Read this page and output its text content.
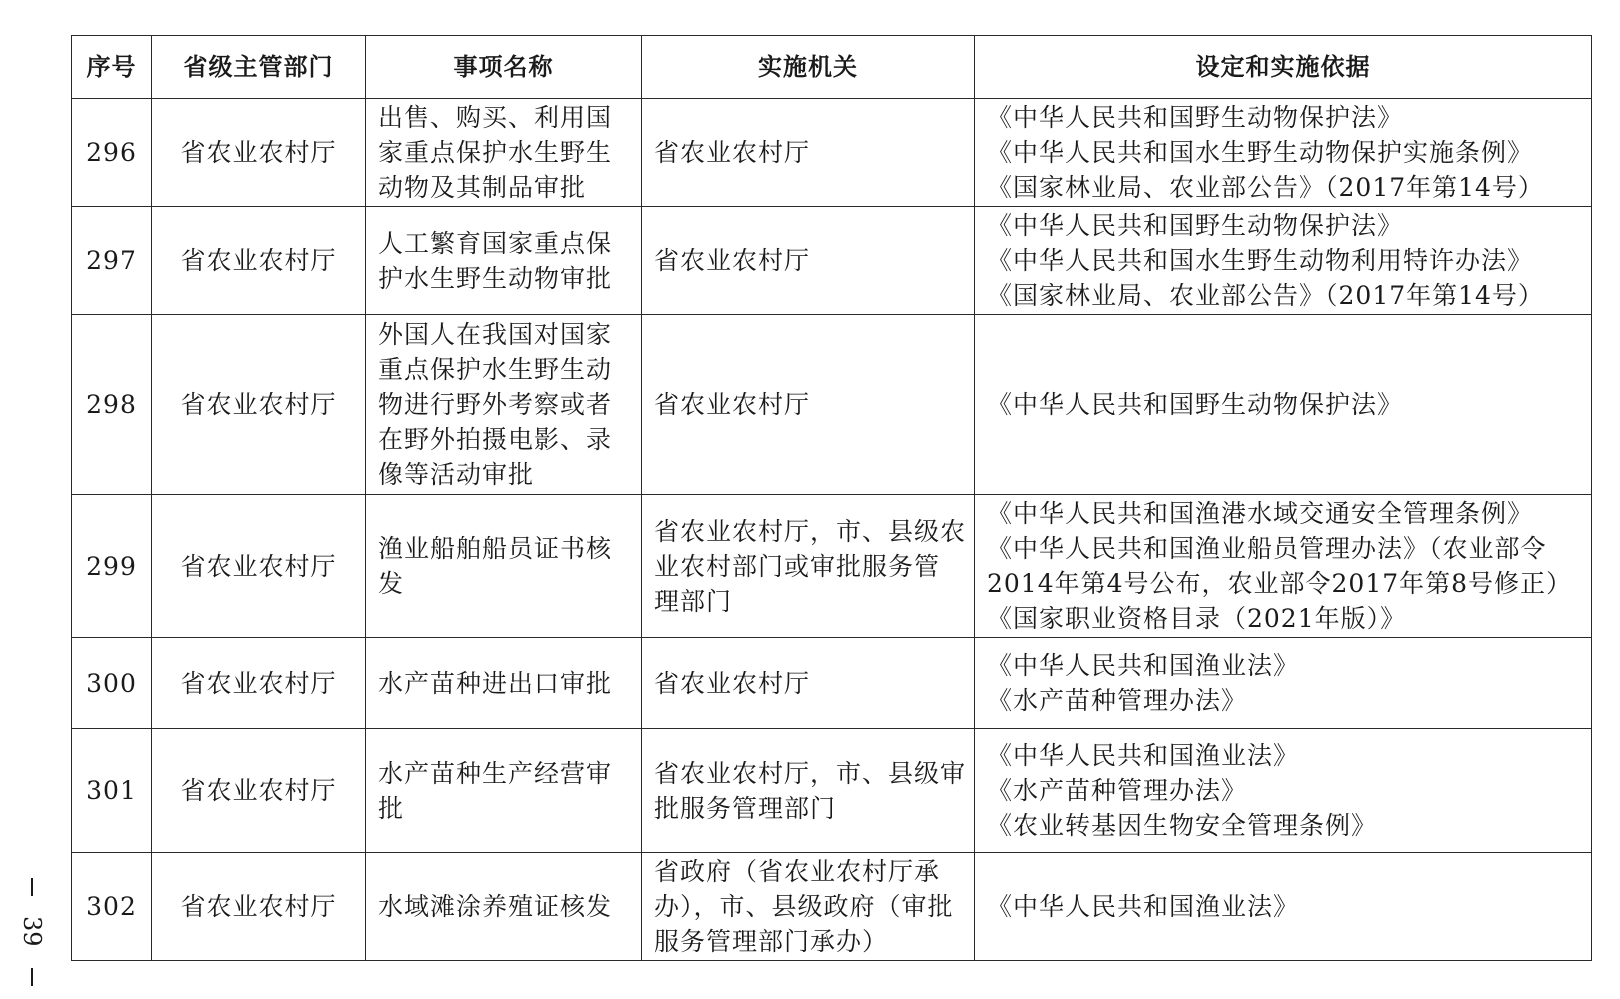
序号	省级主管部门	事项名称	实施机关	设定和实施依据
296	省农业农村厅	出售、购买、利用国
家重点保护水生野生
动物及其制品审批	省农业农村厅	《中华人民共和国野生动物保护法》
《中华人民共和国水生野生动物保护实施条例》
《国家林业局、农业部公告》（2017年第14号）

297	省农业农村厅	人工繁育国家重点保
护水生野生动物审批	省农业农村厅	《中华人民共和国野生动物保护法》
《中华人民共和国水生野生动物利用特许办法》
《国家林业局、农业部公告》（2017年第14号）

298	省农业农村厅	外国人在我国对国家
重点保护水生野生动
物进行野外考察或者
在野外拍摄电影、录
像等活动审批	省农业农村厅	《中华人民共和国野生动物保护法》

299	省农业农村厅	渔业船舶船员证书核
发	省农业农村厅，市、县级农
业农村部门或审批服务管
理部门	《中华人民共和国渔港水域交通安全管理条例》
《中华人民共和国渔业船员管理办法》（农业部令
2014年第4号公布，农业部令2017年第8号修正）
《国家职业资格目录（2021年版）》

300	省农业农村厅	水产苗种进出口审批	省农业农村厅	《中华人民共和国渔业法》
《水产苗种管理办法》

301	省农业农村厅	水产苗种生产经营审
批	省农业农村厅，市、县级审
批服务管理部门	《中华人民共和国渔业法》
《水产苗种管理办法》
《农业转基因生物安全管理条例》

302	省农业农村厅	水域滩涂养殖证核发	省政府（省农业农村厅承
办），市、县级政府（审批
服务管理部门承办）	《中华人民共和国渔业法》
39
